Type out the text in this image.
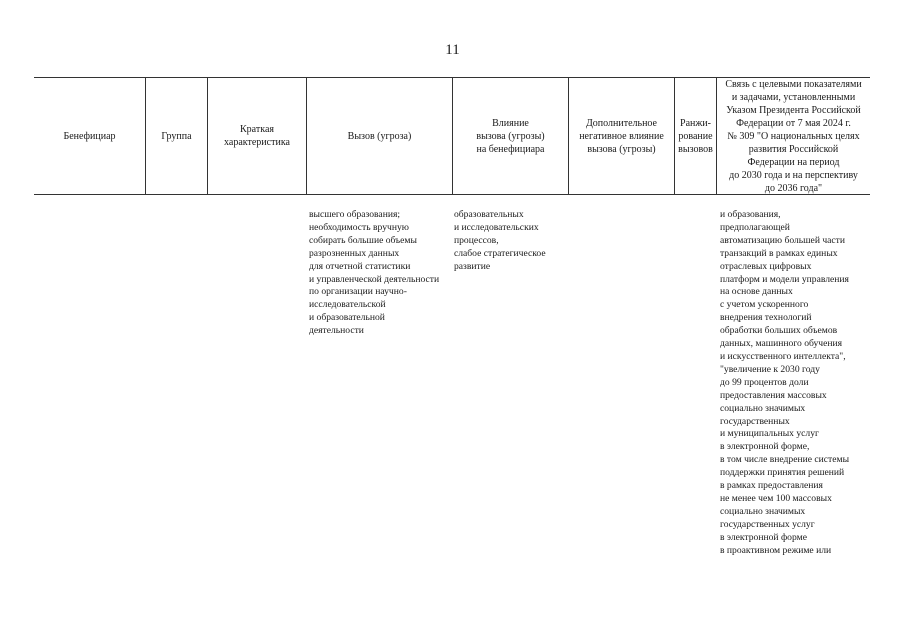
11
Бенефициар	Группа
Краткая
характеристика
Вызов (угроза)
Влияние
вызова (угрозы)
на бенефициара
Дополнительное
негативное влияние
вызова (угрозы)
Ранжи-
рование
вызовов
Связь с целевыми показателями
и задачами, установленными
Указом Президента Российской
Федерации от 7 мая 2024 г.
№ 309 "О национальных целях
развития Российской
Федерации на период
до 2030 года и на перспективу
до 2036 года"
высшего образования;
необходимость вручную
собирать большие объемы
разрозненных данных
для отчетной статистики
и управленческой деятельности
по организации научно-
исследовательской
и образовательной
деятельности
образовательных
и исследовательских
процессов,
слабое стратегическое
развитие
и образования,
предполагающей
автоматизацию большей части
транзакций в рамках единых
отраслевых цифровых
платформ и модели управления
на основе данных
с учетом ускоренного
внедрения технологий
обработки больших объемов
данных, машинного обучения
и искусственного интеллекта",
"увеличение к 2030 году
до 99 процентов доли
предоставления массовых
социально значимых
государственных
и муниципальных услуг
в электронной форме,
в том числе внедрение системы
поддержки принятия решений
в рамках предоставления
не менее чем 100 массовых
социально значимых
государственных услуг
в электронной форме
в проактивном режиме или
